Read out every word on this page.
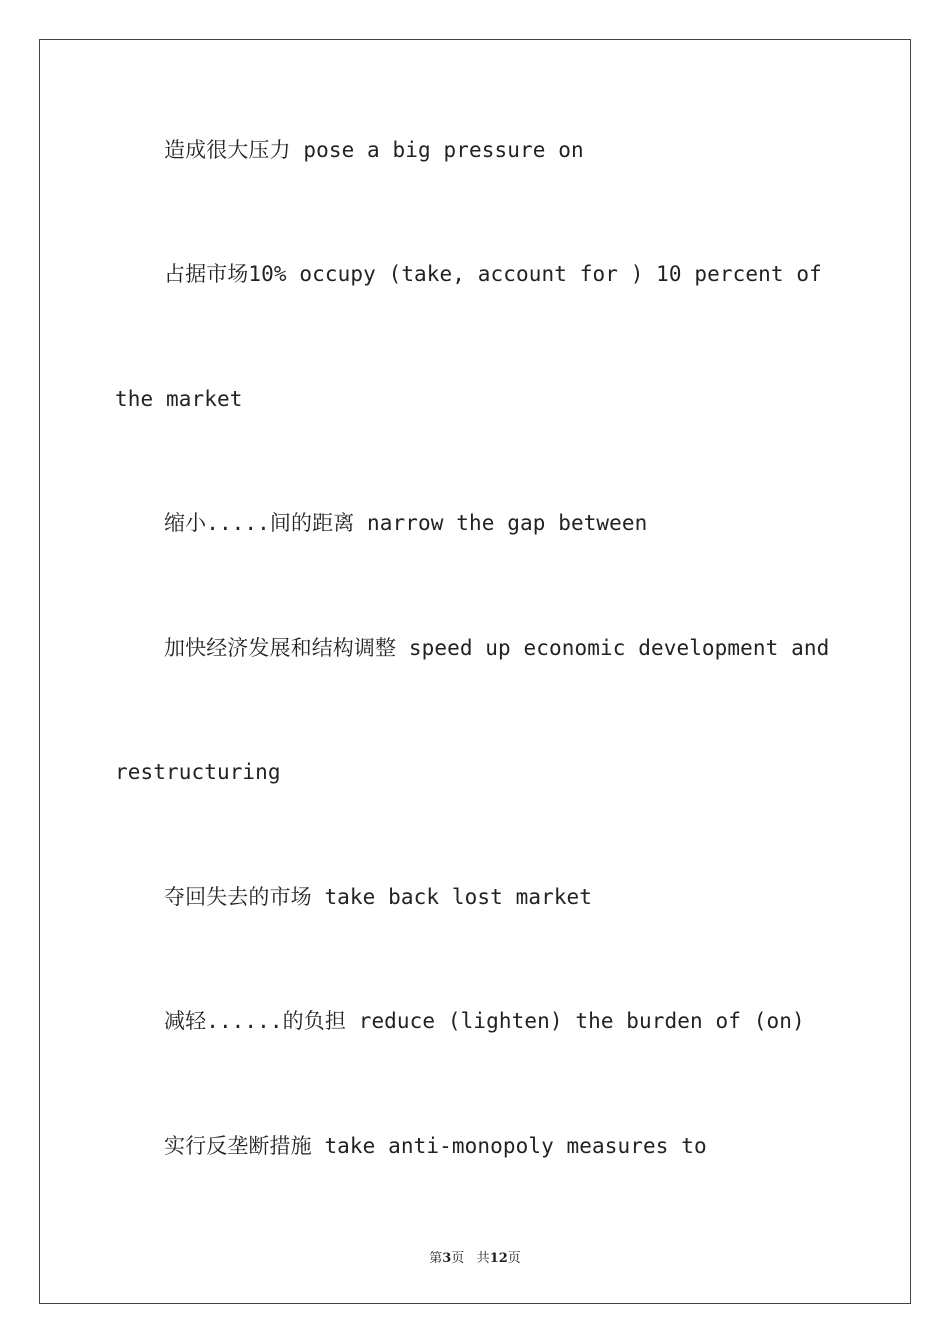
造成很大压力 pose a big pressure on
占据市场10% occupy (take, account for ) 10 percent of
the market
缩小.....间的距离 narrow the gap between
加快经济发展和结构调整 speed up economic development and
restructuring
夺回失去的市场 take back lost market
减轻......的负担 reduce (lighten) the burden of (on)
实行反垄断措施 take anti-monopoly measures to
第3页 共12页
